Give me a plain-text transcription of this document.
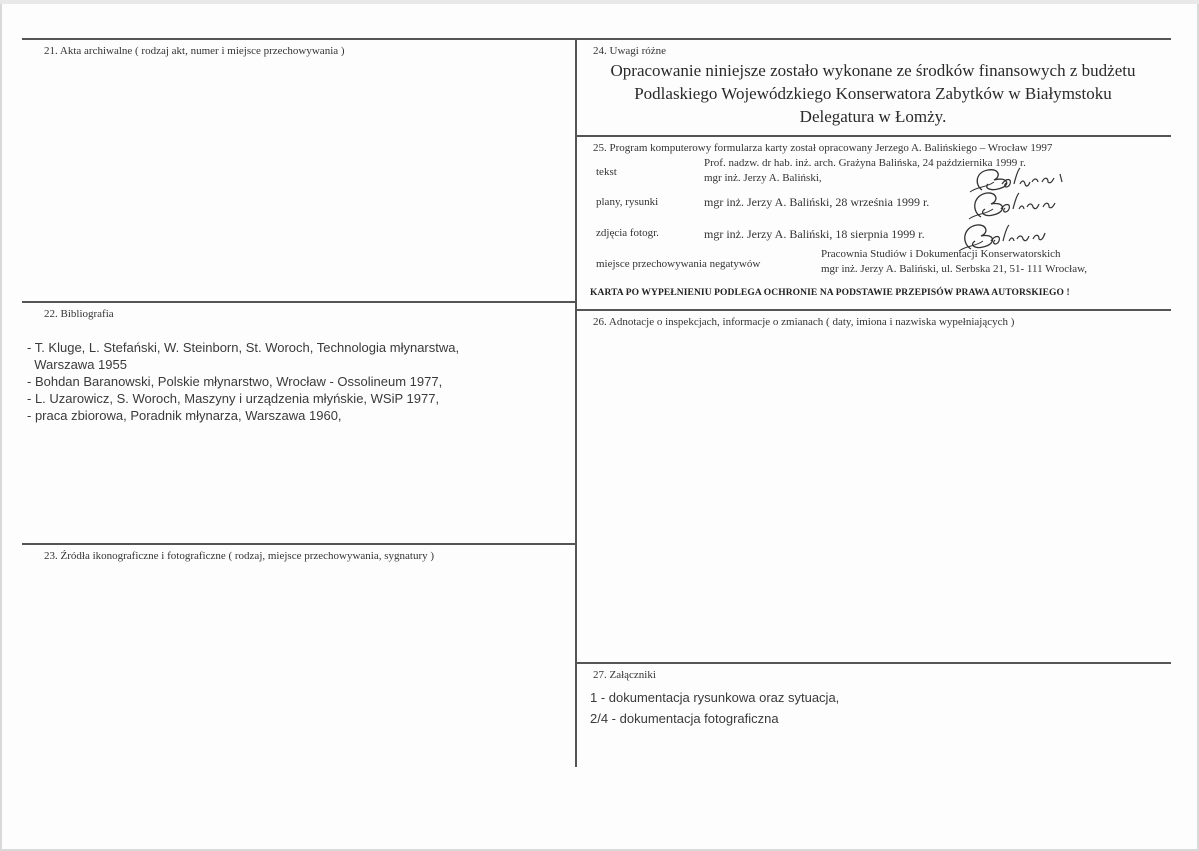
21. Akta archiwalne ( rodzaj akt, numer i miejsce przechowywania )
22. Bibliografia
- T. Kluge, L. Stefański, W. Steinborn, St. Woroch, Technologia młynarstwa,
Warszawa 1955
- Bohdan Baranowski, Polskie młynarstwo, Wrocław - Ossolineum 1977,
- L. Uzarowicz, S. Woroch, Maszyny i urządzenia młyńskie, WSiP 1977,
- praca zbiorowa, Poradnik młynarza, Warszawa 1960,
23. Źródła ikonograficzne i fotograficzne ( rodzaj, miejsce przechowywania, sygnatury )
24. Uwagi różne
Opracowanie niniejsze zostało wykonane ze środków finansowych z budżetu
Podlaskiego Wojewódzkiego Konserwatora Zabytków w Białymstoku
Delegatura w Łomży.
25. Program komputerowy formularza karty został opracowany Jerzego A. Balińskiego – Wrocław 1997
tekst
Prof. nadzw. dr hab. inż. arch. Grażyna Balińska, 24 października 1999 r.
mgr inż. Jerzy A. Baliński,
plany, rysunki	mgr inż. Jerzy A. Baliński, 28 września 1999 r.
zdjęcia fotogr.	mgr inż. Jerzy A. Baliński, 18 sierpnia 1999 r.
miejsce przechowywania negatywów
Pracownia Studiów i Dokumentacji Konserwatorskich
mgr inż. Jerzy A. Baliński, ul. Serbska 21, 51- 111 Wrocław,
KARTA PO WYPEŁNIENIU PODLEGA OCHRONIE NA PODSTAWIE PRZEPISÓW PRAWA AUTORSKIEGO !
26. Adnotacje o inspekcjach, informacje o zmianach ( daty, imiona i nazwiska wypełniających )
27. Załączniki
1 - dokumentacja rysunkowa oraz sytuacja,
2/4 - dokumentacja fotograficzna
